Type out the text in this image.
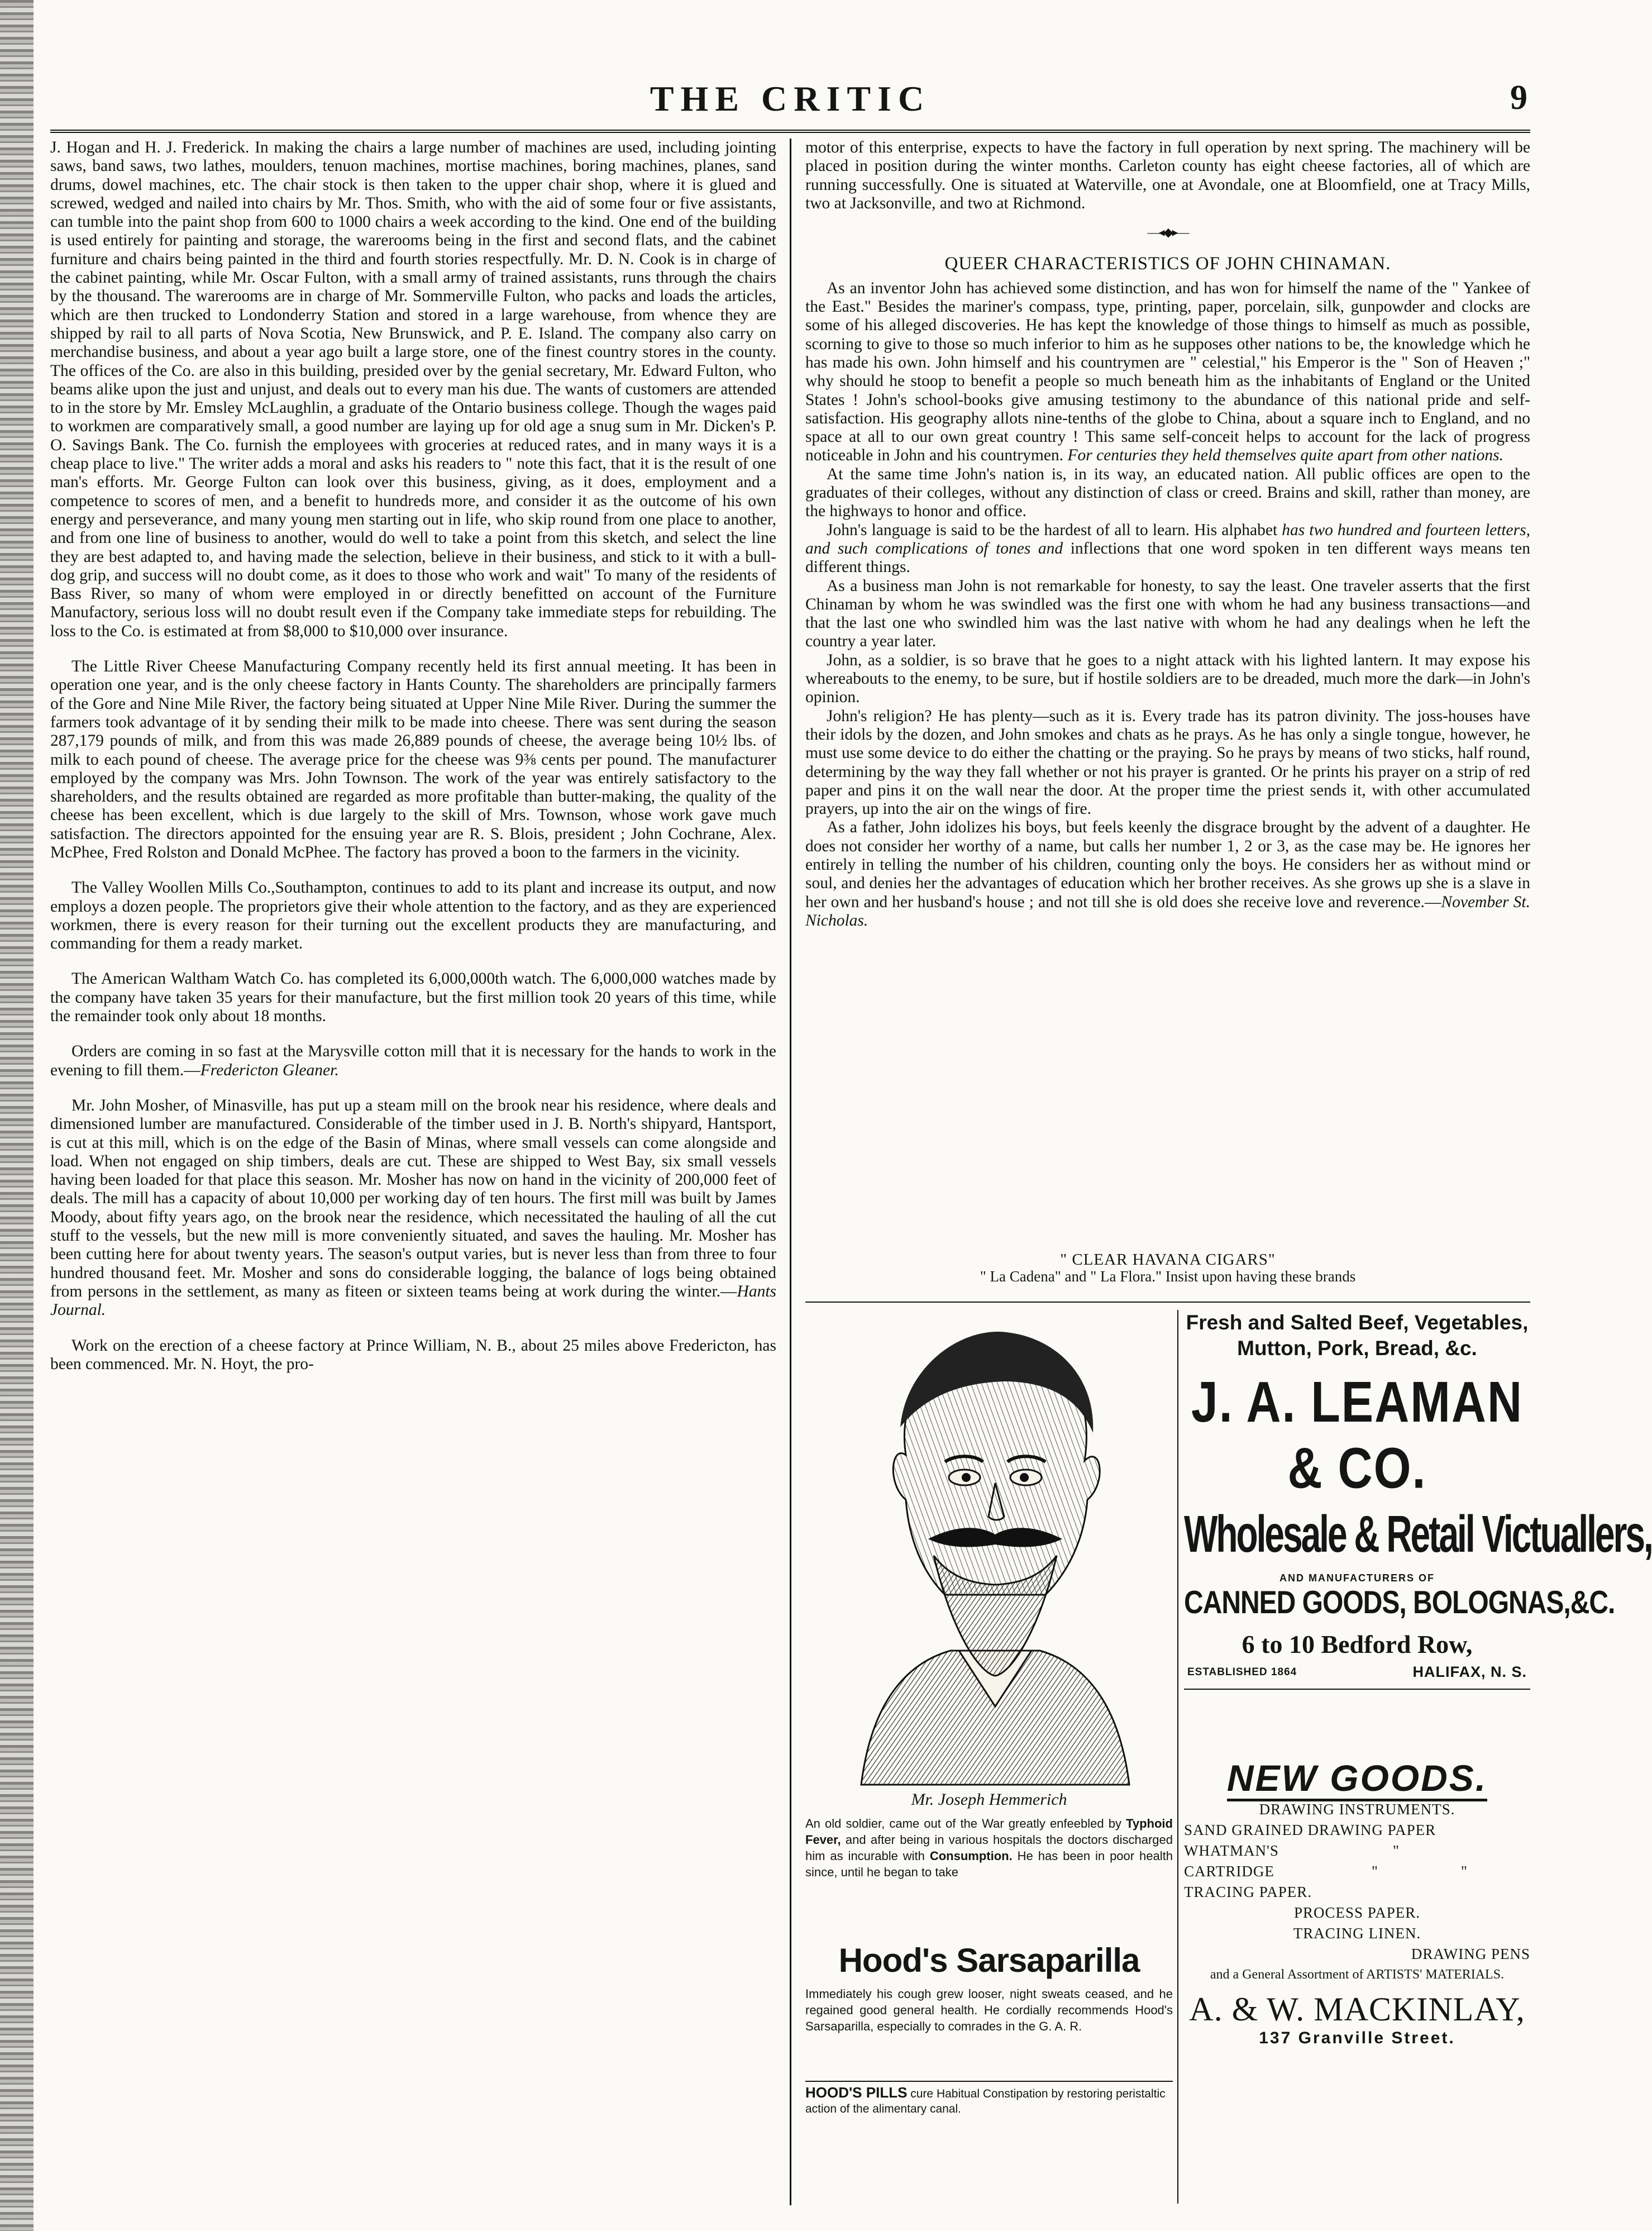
THE CRITIC	9

J. Hogan and H. J. Frederick. In making the chairs a large number of machines are used, including jointing saws, band saws, two lathes, moulders, tenuon machines, mortise machines, boring machines, planes, sand drums, dowel machines, etc. The chair stock is then taken to the upper chair shop, where it is glued and screwed, wedged and nailed into chairs by Mr. Thos. Smith, who with the aid of some four or five assistants, can tumble into the paint shop from 600 to 1000 chairs a week according to the kind. One end of the building is used entirely for painting and storage, the warerooms being in the first and second flats, and the cabinet furniture and chairs being painted in the third and fourth stories respectfully. Mr. D. N. Cook is in charge of the cabinet painting, while Mr. Oscar Fulton, with a small army of trained assistants, runs through the chairs by the thousand. The warerooms are in charge of Mr. Sommerville Fulton, who packs and loads the articles, which are then trucked to Londonderry Station and stored in a large warehouse, from whence they are shipped by rail to all parts of Nova Scotia, New Brunswick, and P. E. Island. The company also carry on merchandise business, and about a year ago built a large store, one of the finest country stores in the county. The offices of the Co. are also in this building, presided over by the genial secretary, Mr. Edward Fulton, who beams alike upon the just and unjust, and deals out to every man his due. The wants of customers are attended to in the store by Mr. Emsley McLaughlin, a graduate of the Ontario business college. Though the wages paid to workmen are comparatively small, a good number are laying up for old age a snug sum in Mr. Dicken's P. O. Savings Bank. The Co. furnish the employees with groceries at reduced rates, and in many ways it is a cheap place to live." The writer adds a moral and asks his readers to " note this fact, that it is the result of one man's efforts. Mr. George Fulton can look over this business, giving, as it does, employment and a competence to scores of men, and a benefit to hundreds more, and consider it as the outcome of his own energy and perseverance, and many young men starting out in life, who skip round from one place to another, and from one line of business to another, would do well to take a point from this sketch, and select the line they are best adapted to, and having made the selection, believe in their business, and stick to it with a bull-dog grip, and success will no doubt come, as it does to those who work and wait" To many of the residents of Bass River, so many of whom were employed in or directly benefitted on account of the Furniture Manufactory, serious loss will no doubt result even if the Company take immediate steps for rebuilding. The loss to the Co. is estimated at from $8,000 to $10,000 over insurance.

The Little River Cheese Manufacturing Company recently held its first annual meeting. It has been in operation one year, and is the only cheese factory in Hants County. The shareholders are principally farmers of the Gore and Nine Mile River, the factory being situated at Upper Nine Mile River. During the summer the farmers took advantage of it by sending their milk to be made into cheese. There was sent during the season 287,179 pounds of milk, and from this was made 26,889 pounds of cheese, the average being 10½ lbs. of milk to each pound of cheese. The average price for the cheese was 9⅜ cents per pound. The manufacturer employed by the company was Mrs. John Townson. The work of the year was entirely satisfactory to the shareholders, and the results obtained are regarded as more profitable than butter-making, the quality of the cheese has been excellent, which is due largely to the skill of Mrs. Townson, whose work gave much satisfaction. The directors appointed for the ensuing year are R. S. Blois, president ; John Cochrane, Alex. McPhee, Fred Rolston and Donald McPhee. The factory has proved a boon to the farmers in the vicinity.

The Valley Woollen Mills Co.,Southampton, continues to add to its plant and increase its output, and now employs a dozen people. The proprietors give their whole attention to the factory, and as they are experienced workmen, there is every reason for their turning out the excellent products they are manufacturing, and commanding for them a ready market.

The American Waltham Watch Co. has completed its 6,000,000th watch. The 6,000,000 watches made by the company have taken 35 years for their manufacture, but the first million took 20 years of this time, while the remainder took only about 18 months.

Orders are coming in so fast at the Marysville cotton mill that it is necessary for the hands to work in the evening to fill them.—Fredericton Gleaner.

Mr. John Mosher, of Minasville, has put up a steam mill on the brook near his residence, where deals and dimensioned lumber are manufactured. Considerable of the timber used in J. B. North's shipyard, Hantsport, is cut at this mill, which is on the edge of the Basin of Minas, where small vessels can come alongside and load. When not engaged on ship timbers, deals are cut. These are shipped to West Bay, six small vessels having been loaded for that place this season. Mr. Mosher has now on hand in the vicinity of 200,000 feet of deals. The mill has a capacity of about 10,000 per working day of ten hours. The first mill was built by James Moody, about fifty years ago, on the brook near the residence, which necessitated the hauling of all the cut stuff to the vessels, but the new mill is more conveniently situated, and saves the hauling. Mr. Mosher has been cutting here for about twenty years. The season's output varies, but is never less than from three to four hundred thousand feet. Mr. Mosher and sons do considerable logging, the balance of logs being obtained from persons in the settlement, as many as fiteen or sixteen teams being at work during the winter.—Hants Journal.

Work on the erection of a cheese factory at Prince William, N. B., about 25 miles above Fredericton, has been commenced. Mr. N. Hoyt, the pro-

motor of this enterprise, expects to have the factory in full operation by next spring. The machinery will be placed in position during the winter months. Carleton county has eight cheese factories, all of which are running successfully. One is situated at Waterville, one at Avondale, one at Bloomfield, one at Tracy Mills, two at Jacksonville, and two at Richmond.

—◂◆▸—
QUEER CHARACTERISTICS OF JOHN CHINAMAN.

As an inventor John has achieved some distinction, and has won for himself the name of the " Yankee of the East." Besides the mariner's compass, type, printing, paper, porcelain, silk, gunpowder and clocks are some of his alleged discoveries. He has kept the knowledge of those things to himself as much as possible, scorning to give to those so much inferior to him as he supposes other nations to be, the knowledge which he has made his own. John himself and his countrymen are " celestial," his Emperor is the " Son of Heaven ;" why should he stoop to benefit a people so much beneath him as the inhabitants of England or the United States ! John's school-books give amusing testimony to the abundance of this national pride and self-satisfaction. His geography allots nine-tenths of the globe to China, about a square inch to England, and no space at all to our own great country ! This same self-conceit helps to account for the lack of progress noticeable in John and his countrymen. For centuries they held themselves quite apart from other nations.

At the same time John's nation is, in its way, an educated nation. All public offices are open to the graduates of their colleges, without any distinction of class or creed. Brains and skill, rather than money, are the highways to honor and office.

John's language is said to be the hardest of all to learn. His alphabet has two hundred and fourteen letters, and such complications of tones and inflections that one word spoken in ten different ways means ten different things.

As a business man John is not remarkable for honesty, to say the least. One traveler asserts that the first Chinaman by whom he was swindled was the first one with whom he had any business transactions—and that the last one who swindled him was the last native with whom he had any dealings when he left the country a year later.

John, as a soldier, is so brave that he goes to a night attack with his lighted lantern. It may expose his whereabouts to the enemy, to be sure, but if hostile soldiers are to be dreaded, much more the dark—in John's opinion.

John's religion? He has plenty—such as it is. Every trade has its patron divinity. The joss-houses have their idols by the dozen, and John smokes and chats as he prays. As he has only a single tongue, however, he must use some device to do either the chatting or the praying. So he prays by means of two sticks, half round, determining by the way they fall whether or not his prayer is granted. Or he prints his prayer on a strip of red paper and pins it on the wall near the door. At the proper time the priest sends it, with other accumulated prayers, up into the air on the wings of fire.

As a father, John idolizes his boys, but feels keenly the disgrace brought by the advent of a daughter. He does not consider her worthy of a name, but calls her number 1, 2 or 3, as the case may be. He ignores her entirely in telling the number of his children, counting only the boys. He considers her as without mind or soul, and denies her the advantages of education which her brother receives. As she grows up she is a slave in her own and her husband's house ; and not till she is old does she receive love and reverence.—November St. Nicholas.

" CLEAR HAVANA CIGARS"
" La Cadena" and " La Flora." Insist upon having these brands
Mr. Joseph Hemmerich
An old soldier, came out of the War greatly enfeebled by Typhoid Fever, and after being in various hospitals the doctors discharged him as incurable with Consumption. He has been in poor health since, until he began to take
Hood's Sarsaparilla
Immediately his cough grew looser, night sweats ceased, and he regained good general health. He cordially recommends Hood's Sarsaparilla, especially to comrades in the G. A. R.
HOOD'S PILLS cure Habitual Constipation by restoring peristaltic action of the alimentary canal.
Fresh and Salted Beef, Vegetables,
Mutton, Pork, Bread, &c.
J. A. LEAMAN & CO.
Wholesale & Retail Victuallers,
AND MANUFACTURERS OF
CANNED GOODS, BOLOGNAS,&C.
6 to 10 Bedford Row,
ESTABLISHED 1864	HALIFAX, N. S.
NEW GOODS.
DRAWING INSTRUMENTS.
SAND GRAINED DRAWING PAPER
WHATMAN'S	"
CARTRIDGE	"	"
TRACING PAPER.
PROCESS PAPER.
TRACING LINEN.
DRAWING PENS
and a General Assortment of ARTISTS' MATERIALS.
A. & W. MACKINLAY,
137 Granville Street.
